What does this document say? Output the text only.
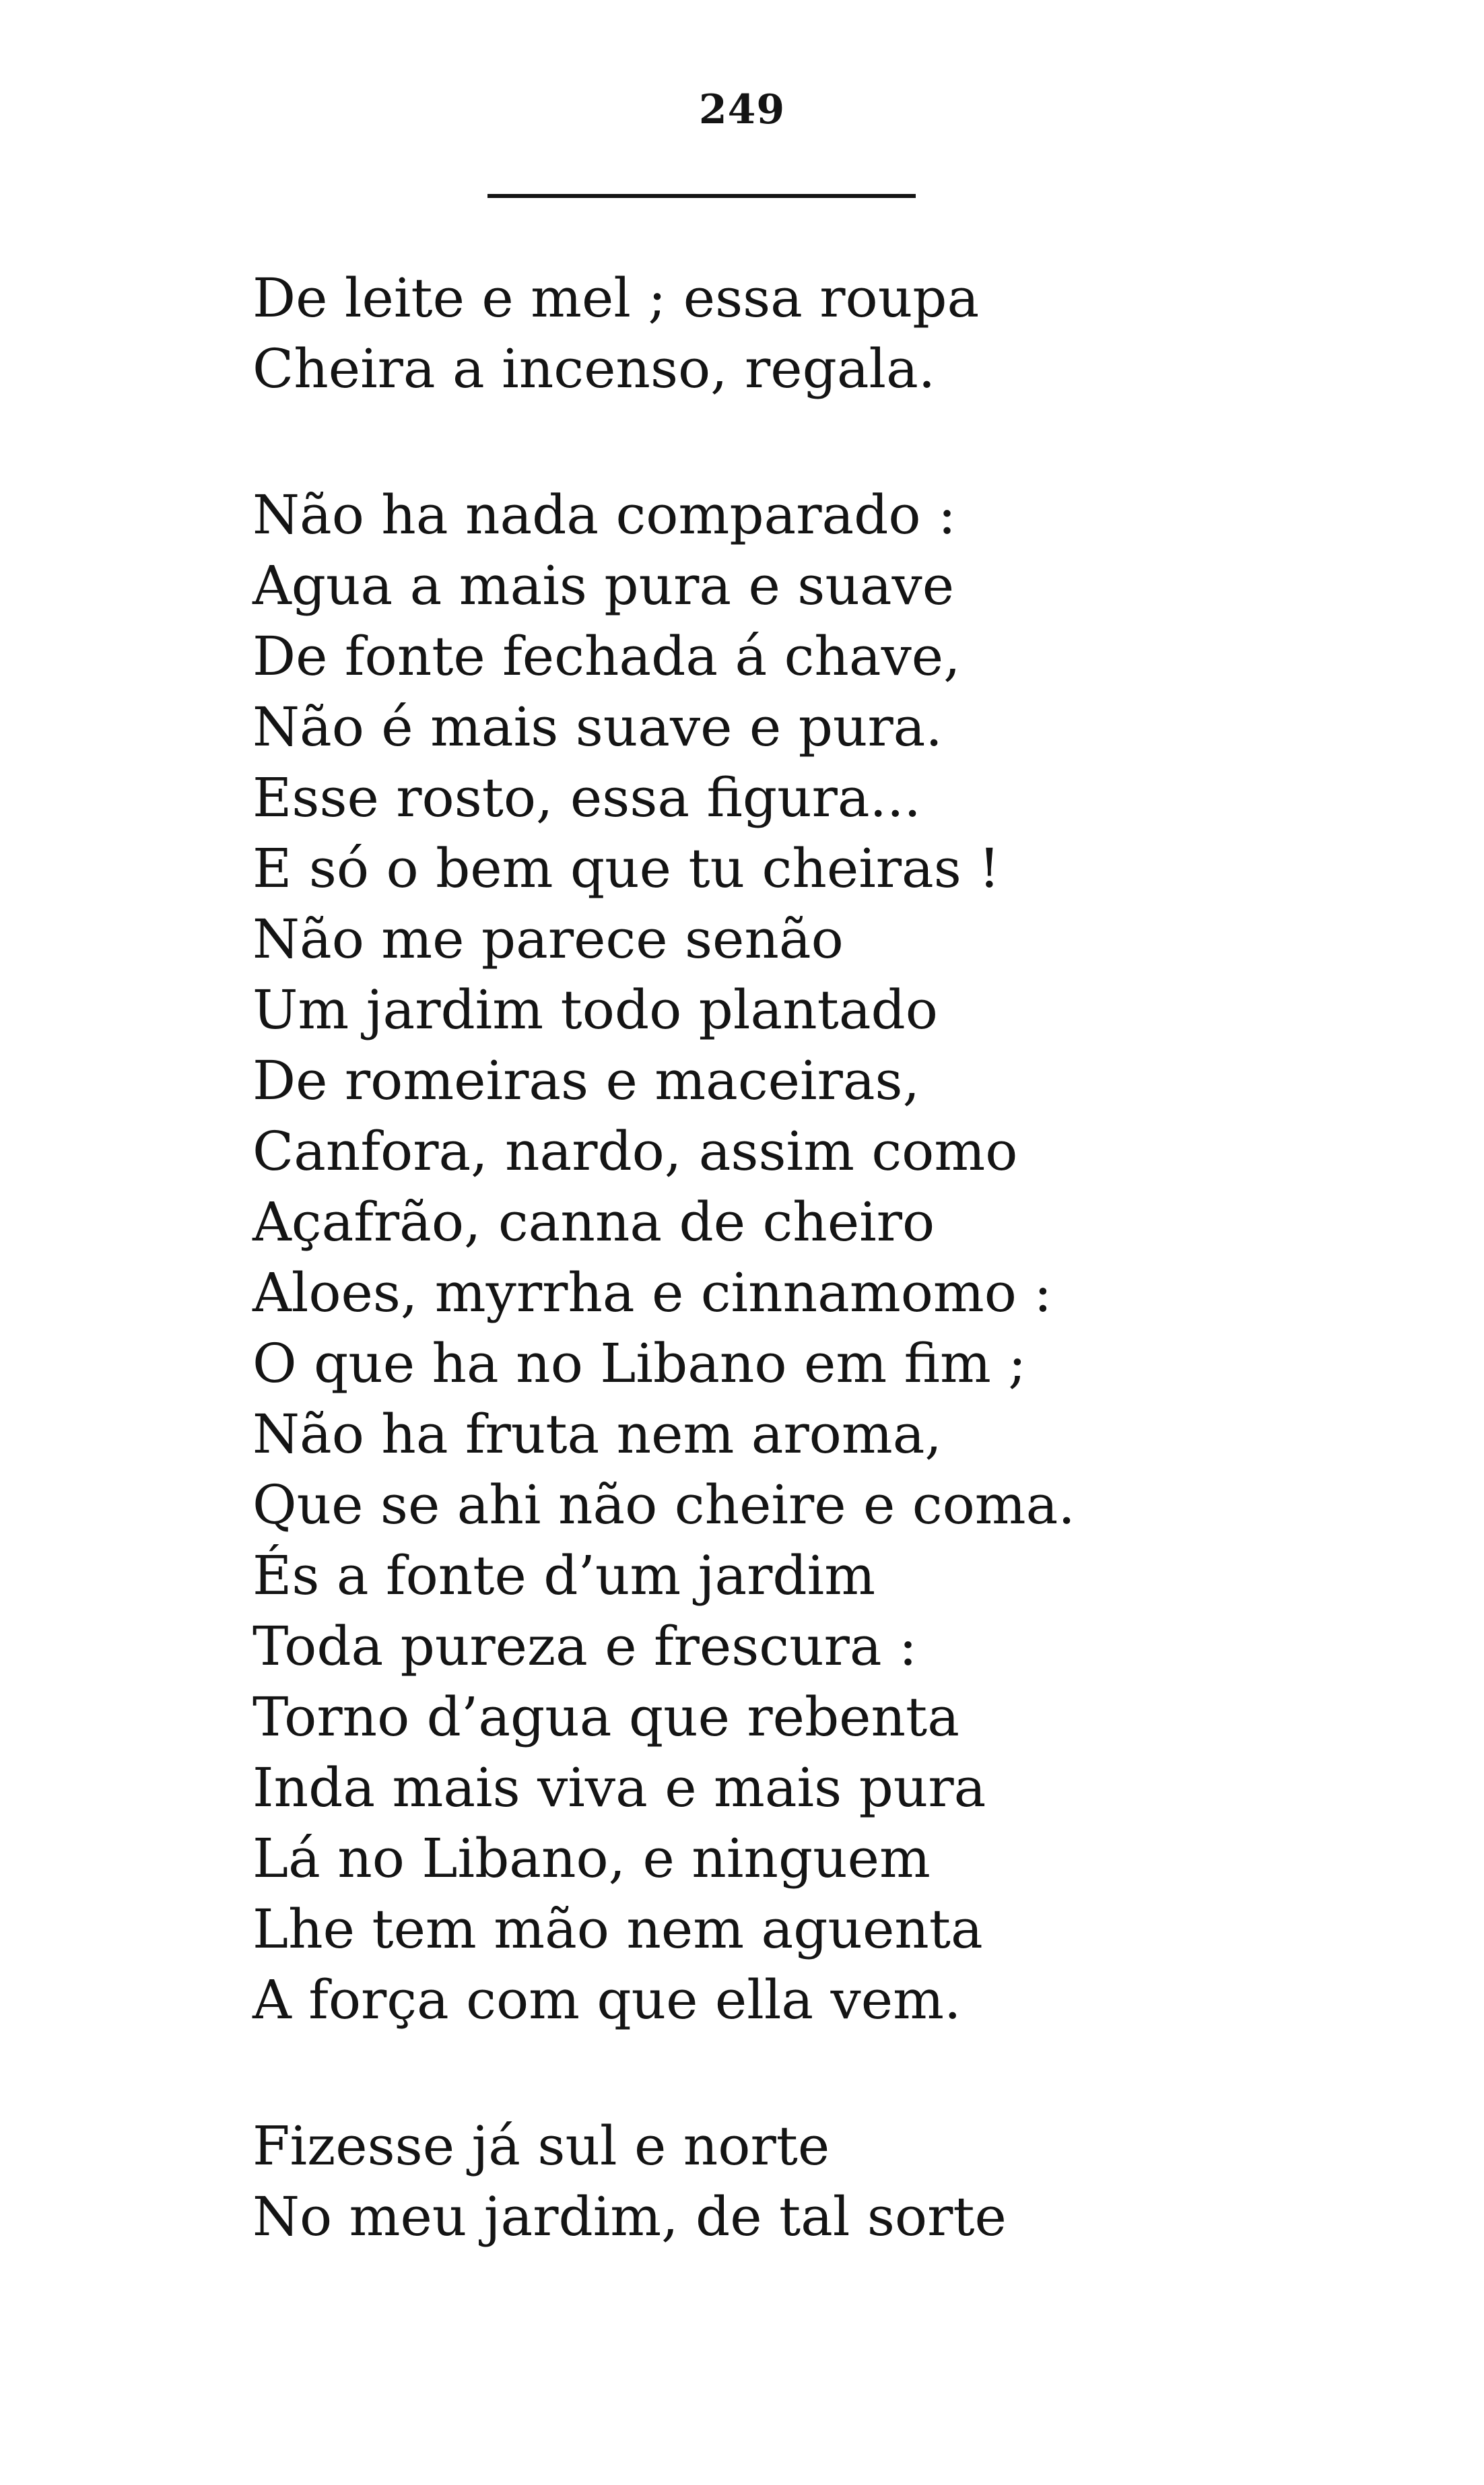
249
De leite e mel ; essa roupa
Cheira a incenso, regala.
Não ha nada comparado :
Agua a mais pura e suave
De fonte fechada á chave,
Não é mais suave e pura.
Esse rosto, essa figura...
E só o bem que tu cheiras !
Não me parece senão
Um jardim todo plantado
De romeiras e maceiras,
Canfora, nardo, assim como
Açafrão, canna de cheiro
Aloes, myrrha e cinnamomo :
O que ha no Libano em fim ;
Não ha fruta nem aroma,
Que se ahi não cheire e coma.
És a fonte d’um jardim
Toda pureza e frescura :
Torno d’agua que rebenta
Inda mais viva e mais pura
Lá no Libano, e ninguem
Lhe tem mão nem aguenta
A força com que ella vem.
Fizesse já sul e norte
No meu jardim, de tal sorte
